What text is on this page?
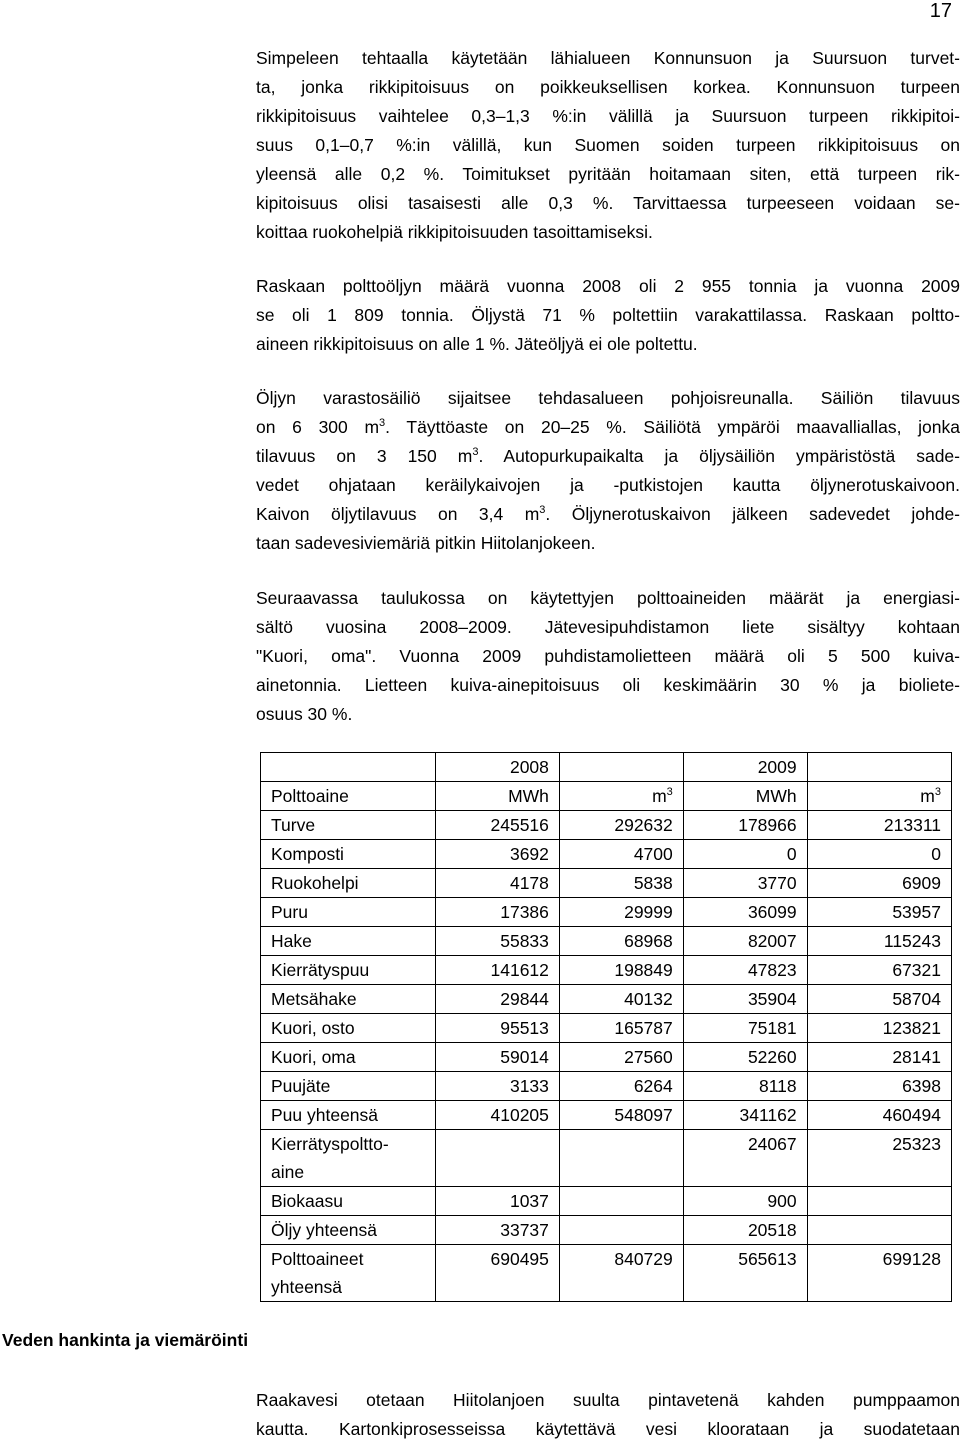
17
Simpeleen tehtaalla käytetään lähialueen Konnunsuon ja Suursuon turvet-
ta, jonka rikkipitoisuus on poikkeuksellisen korkea. Konnunsuon turpeen
rikkipitoisuus vaihtelee 0,3–1,3 %:in välillä ja Suursuon turpeen rikkipitoi-
suus 0,1–0,7 %:in välillä, kun Suomen soiden turpeen rikkipitoisuus on
yleensä alle 0,2 %. Toimitukset pyritään hoitamaan siten, että turpeen rik-
kipitoisuus olisi tasaisesti alle 0,3 %. Tarvittaessa turpeeseen voidaan se-
koittaa ruokohelpiä rikkipitoisuuden tasoittamiseksi.
Raskaan polttoöljyn määrä vuonna 2008 oli 2 955 tonnia ja vuonna 2009
se oli 1 809 tonnia. Öljystä 71 % poltettiin varakattilassa. Raskaan poltto-
aineen rikkipitoisuus on alle 1 %. Jäteöljyä ei ole poltettu.
Öljyn varastosäiliö sijaitsee tehdasalueen pohjoisreunalla. Säiliön tilavuus
on 6 300 $m^3$. Täyttöaste on 20–25 %. Säiliötä ympäröi maavalliallas, jonka
tilavuus on 3 150 $m^3$. Autopurkupaikalta ja öljysäiliön ympäristöstä sade-
vedet ohjataan keräilykaivojen ja -putkistojen kautta öljynerotuskaivoon.
Kaivon öljytilavuus on 3,4 $m^3$. Öljynerotuskaivon jälkeen sadevedet johde-
taan sadevesiviemäriä pitkin Hiitolanjokeen.
Seuraavassa taulukossa on käytettyjen polttoaineiden määrät ja energiasi-
sältö vuosina 2008–2009. Jätevesipuhdistamon liete sisältyy kohtaan
"Kuori, oma". Vuonna 2009 puhdistamolietteen määrä oli 5 500 kuiva-
ainetonnia. Lietteen kuiva-ainepitoisuus oli keskimäärin 30 % ja biolietе-
osuus 30 %.
	2008		2009	
Polttoaine	MWh	$m^3$	MWh	$m^3$
Turve	245516	292632	178966	213311
Komposti	3692	4700	0	0
Ruokohelpi	4178	5838	3770	6909
Puru	17386	29999	36099	53957
Hake	55833	68968	82007	115243
Kierrätyspuu	141612	198849	47823	67321
Metsähake	29844	40132	35904	58704
Kuori, osto	95513	165787	75181	123821
Kuori, oma	59014	27560	52260	28141
Puujäte	3133	6264	8118	6398
Puu yhteensä	410205	548097	341162	460494
Kierrätyspoltto- aine			24067	25323
Biokaasu	1037		900	
Öljy yhteensä	33737		20518	
Polttoaineet yhteensä	690495	840729	565613	699128
Veden hankinta ja viemäröinti
Raakavesi otetaan Hiitolanjoen suulta pintavetenä kahden pumppaamon
kautta. Kartonkiprosesseissa käytettävä vesi kloorataan ja suodatetaan
